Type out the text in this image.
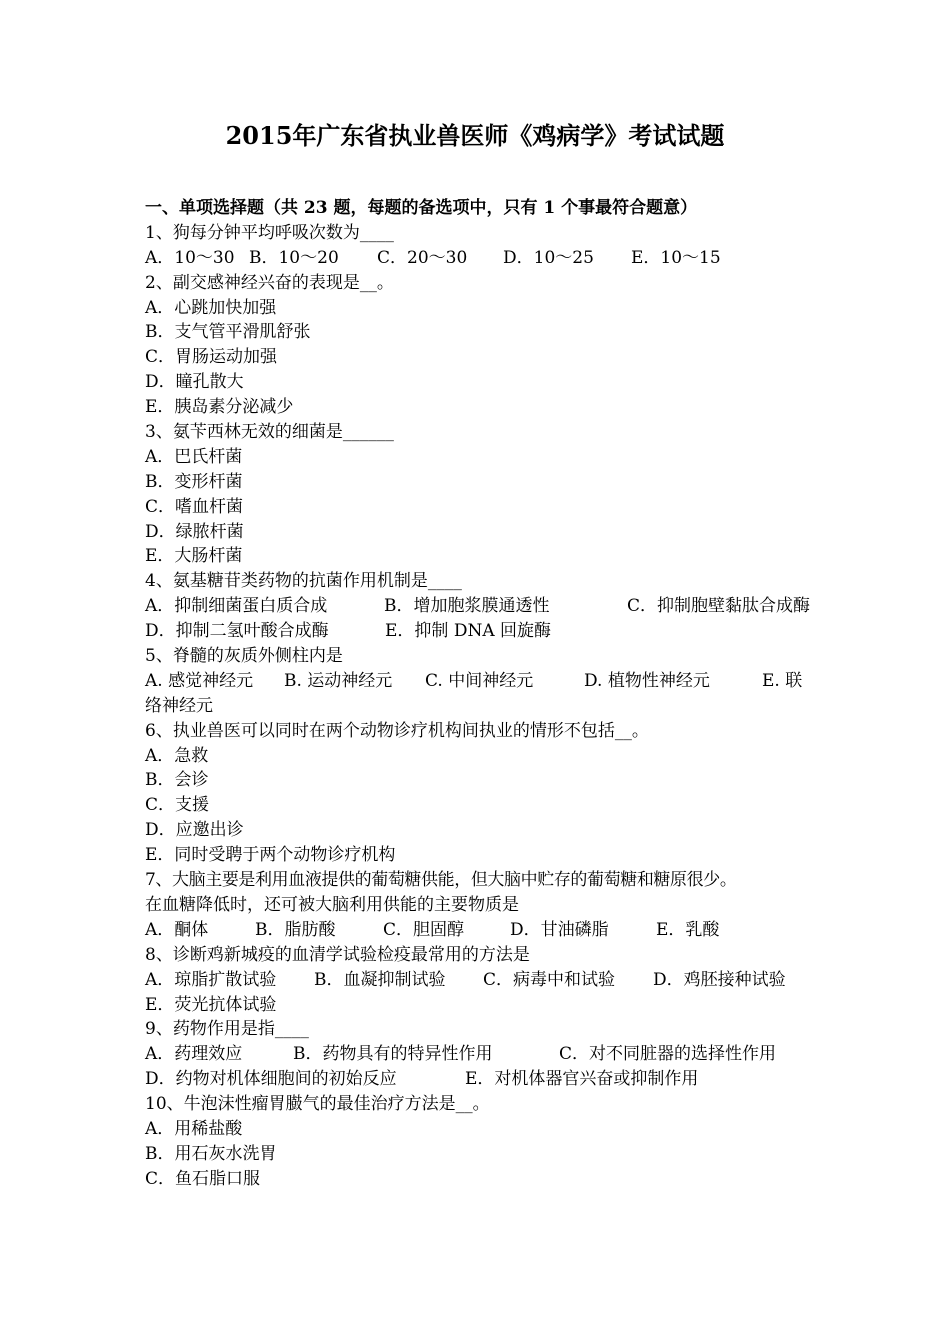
2015年广东省执业兽医师《鸡病学》考试试题
一、单项选择题（共 23 题，每题的备选项中，只有 1 个事最符合题意）
1、狗每分钟平均呼吸次数为____
A．10～30 B．10～20	C．20～30	D．10～25	E．10～15
2、副交感神经兴奋的表现是__。
A．心跳加快加强
B．支气管平滑肌舒张
C．胃肠运动加强
D．瞳孔散大
E．胰岛素分泌减少
3、氨苄西林无效的细菌是______
A．巴氏杆菌
B．变形杆菌
C．嗜血杆菌
D．绿脓杆菌
E．大肠杆菌
4、氨基糖苷类药物的抗菌作用机制是____
A．抑制细菌蛋白质合成	B．增加胞浆膜通透性	C．抑制胞壁黏肽合成酶
D．抑制二氢叶酸合成酶	E．抑制 DNA 回旋酶
5、脊髓的灰质外侧柱内是
A. 感觉神经元	B. 运动神经元	C. 中间神经元	D. 植物性神经元	E. 联
络神经元
6、执业兽医可以同时在两个动物诊疗机构间执业的情形不包括__。
A．急救
B．会诊
C．支援
D．应邀出诊
E．同时受聘于两个动物诊疗机构
7、大脑主要是利用血液提供的葡萄糖供能，但大脑中贮存的葡萄糖和糖原很少。
在血糖降低时，还可被大脑利用供能的主要物质是
A．酮体	B．脂肪酸	C．胆固醇	D．甘油磷脂	E．乳酸
8、诊断鸡新城疫的血清学试验检疫最常用的方法是
A．琼脂扩散试验	B．血凝抑制试验	C．病毒中和试验	D．鸡胚接种试验
E．荧光抗体试验
9、药物作用是指____
A．药理效应	B．药物具有的特异性作用	C．对不同脏器的选择性作用
D．约物对机体细胞间的初始反应	E．对机体器官兴奋或抑制作用
10、牛泡沫性瘤胃臌气的最佳治疗方法是__。
A．用稀盐酸
B．用石灰水洗胃
C．鱼石脂口服
